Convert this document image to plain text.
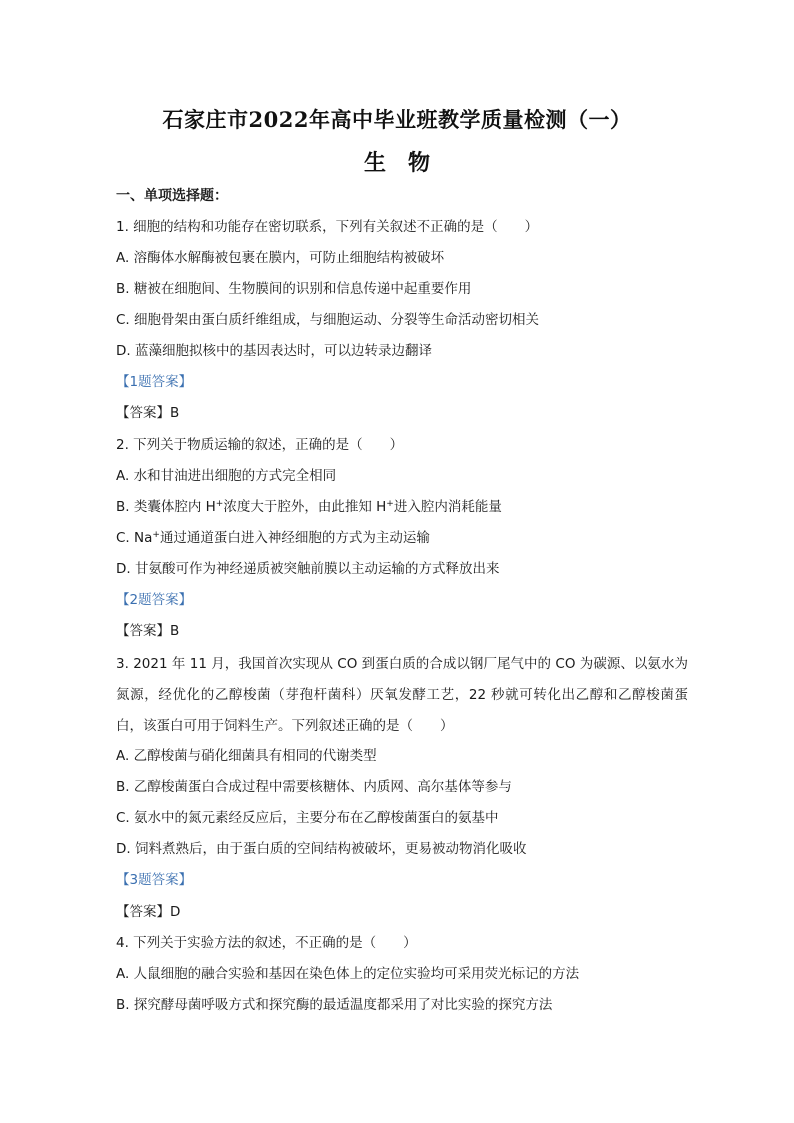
石家庄市2022年高中毕业班教学质量检测（一）
生物
一、单项选择题：
1. 细胞的结构和功能存在密切联系，下列有关叙述不正确的是（　　）
A. 溶酶体水解酶被包裹在膜内，可防止细胞结构被破坏
B. 糖被在细胞间、生物膜间的识别和信息传递中起重要作用
C. 细胞骨架由蛋白质纤维组成，与细胞运动、分裂等生命活动密切相关
D. 蓝藻细胞拟核中的基因表达时，可以边转录边翻译
【1题答案】
【答案】B
2. 下列关于物质运输的叙述，正确的是（　　）
A. 水和甘油进出细胞的方式完全相同
B. 类囊体腔内 H+浓度大于腔外，由此推知 H+进入腔内消耗能量
C. Na+通过通道蛋白进入神经细胞的方式为主动运输
D. 甘氨酸可作为神经递质被突触前膜以主动运输的方式释放出来
【2题答案】
【答案】B
3. 2021 年 11 月，我国首次实现从 CO 到蛋白质的合成以钢厂尾气中的 CO 为碳源、以氨水为氮源，经优化的乙醇梭菌（芽孢杆菌科）厌氧发酵工艺，22 秒就可转化出乙醇和乙醇梭菌蛋白，该蛋白可用于饲料生产。下列叙述正确的是（　　）
A. 乙醇梭菌与硝化细菌具有相同的代谢类型
B. 乙醇梭菌蛋白合成过程中需要核糖体、内质网、高尔基体等参与
C. 氨水中的氮元素经反应后，主要分布在乙醇梭菌蛋白的氨基中
D. 饲料煮熟后，由于蛋白质的空间结构被破坏，更易被动物消化吸收
【3题答案】
【答案】D
4. 下列关于实验方法的叙述，不正确的是（　　）
A. 人鼠细胞的融合实验和基因在染色体上的定位实验均可采用荧光标记的方法
B. 探究酵母菌呼吸方式和探究酶的最适温度都采用了对比实验的探究方法
